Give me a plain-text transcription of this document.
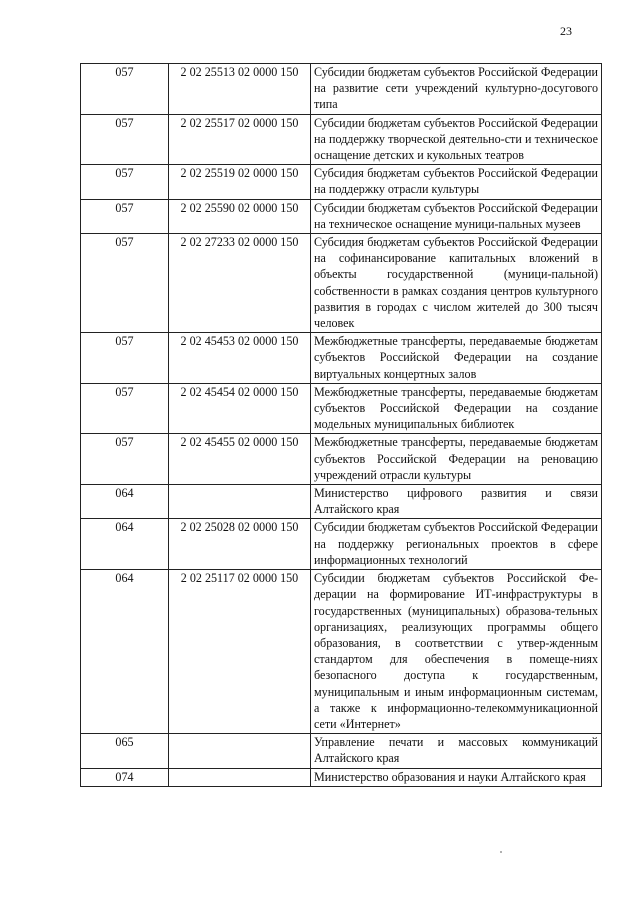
23
057	2 02 25513 02 0000 150	Субсидии бюджетам субъектов Российской Федерации на развитие сети учреждений культурно-досугового типа
057	2 02 25517 02 0000 150	Субсидии бюджетам субъектов Российской Федерации на поддержку творческой деятельно-сти и техническое оснащение детских и кукольных театров
057	2 02 25519 02 0000 150	Субсидия бюджетам субъектов Российской Федерации на поддержку отрасли культуры
057	2 02 25590 02 0000 150	Субсидии бюджетам субъектов Российской Федерации на техническое оснащение муници-пальных музеев
057	2 02 27233 02 0000 150	Субсидия бюджетам субъектов Российской Федерации на софинансирование капитальных вложений в объекты государственной (муници-пальной) собственности в рамках создания центров культурного развития в городах с числом жителей до 300 тысяч человек
057	2 02 45453 02 0000 150	Межбюджетные трансферты, передаваемые бюджетам субъектов Российской Федерации на создание виртуальных концертных залов
057	2 02 45454 02 0000 150	Межбюджетные трансферты, передаваемые бюджетам субъектов Российской Федерации на создание модельных муниципальных библиотек
057	2 02 45455 02 0000 150	Межбюджетные трансферты, передаваемые бюджетам субъектов Российской Федерации на реновацию учреждений отрасли культуры
064		Министерство цифрового развития и связи Алтайского края
064	2 02 25028 02 0000 150	Субсидии бюджетам субъектов Российской Федерации на поддержку региональных проектов в сфере информационных технологий
064	2 02 25117 02 0000 150	Субсидии бюджетам субъектов Российской Фе-дерации на формирование ИТ-инфраструктуры в государственных (муниципальных) образова-тельных организациях, реализующих программы общего образования, в соответствии с утвер-жденным стандартом для обеспечения в помеще-ниях безопасного доступа к государственным, муниципальным и иным информационным системам, а также к информационно-телекоммуникационной сети «Интернет»
065		Управление печати и массовых коммуникаций Алтайского края
074		Министерство образования и науки Алтайского края
